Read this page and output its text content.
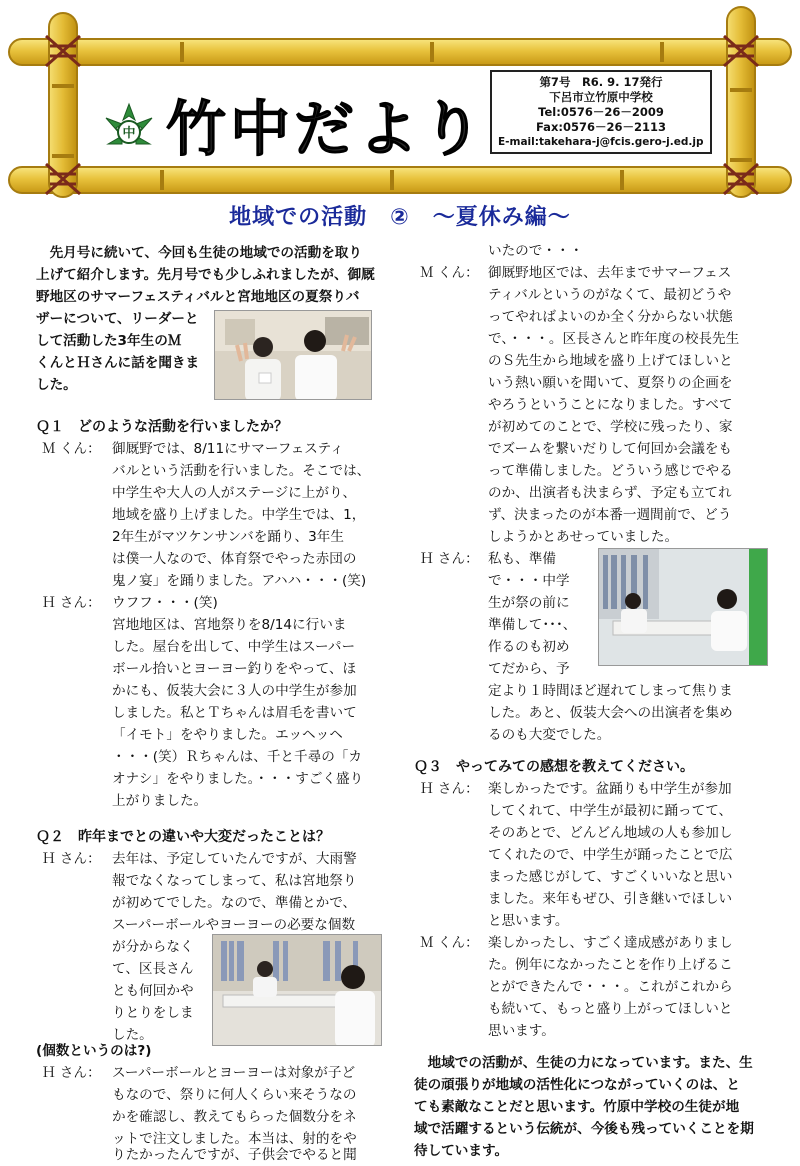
中 竹中だより
第7号　R6. 9. 17発行
下呂市立竹原中学校
Tel:0576－26－2009
Fax:0576－26－2113
E-mail:takehara-j@fcis.gero-j.ed.jp
地域での活動　②　～夏休み編～
　先月号に続いて、今回も生徒の地域での活動を取り
上げて紹介します。先月号でも少しふれましたが、御厩
野地区のサマーフェスティバルと宮地地区の夏祭りバ
ザーについて、リーダーと
して活動した3年生のＭ
くんとＨさんに話を聞きま
した。
Ｑ１　どのような活動を行いましたか？
Ｍ くん： 御厩野では、8/11にサマーフェスティ
バルという活動を行いました。そこでは、
中学生や大人の人がステージに上がり、
地域を盛り上げました。中学生では、1，
2年生がマツケンサンバを踊り、3年生
は僕一人なので、体育祭でやった赤団の
鬼ノ宴」を踊りました。アハハ・・・(笑)
Ｈ さん： ウフフ・・・(笑)
宮地地区は、宮地祭りを8/14に行いま
した。屋台を出して、中学生はスーパー
ボール拾いとヨーヨー釣りをやって、ほ
かにも、仮装大会に３人の中学生が参加
しました。私とＴちゃんは眉毛を書いて
「イモト」をやりました。エッヘッヘ
・・・(笑）Ｒちゃんは、千と千尋の「カ
オナシ」をやりました。・・・すごく盛り
上がりました。
Ｑ２　昨年までとの違いや大変だったことは？
Ｈ さん： 去年は、予定していたんですが、大雨警
報でなくなってしまって、私は宮地祭り
が初めてでした。なので、準備とかで、
スーパーボールやヨーヨーの必要な個数
が分からなく
て、区長さん
とも何回かや
りとりをしま
した。
(個数というのは?)
Ｈ さん： スーパーボールとヨーヨーは対象が子ど
もなので、祭りに何人くらい来そうなの
かを確認し、教えてもらった個数分をネ
ットで注文しました。本当は、射的をや
りたかったんですが、子供会でやると聞
いたので・・・
Ｍ くん： 御厩野地区では、去年までサマーフェス
ティバルというのがなくて、最初どうや
ってやればよいのか全く分からない状態
で、・・・。区長さんと昨年度の校長先生
のＳ先生から地域を盛り上げてほしいと
いう熱い願いを聞いて、夏祭りの企画を
やろうということになりました。すべて
が初めてのことで、学校に残ったり、家
でズームを繋いだりして何回か会議をも
って準備しました。どういう感じでやる
のか、出演者も決まらず、予定も立てれ
ず、決まったのが本番一週間前で、どう
しようかとあせっていました。
Ｈ さん： 私も、準備
で・・・中学
生が祭の前に
準備して･･･、
作るのも初め
てだから、予
定より１時間ほど遅れてしまって焦りま
した。あと、仮装大会への出演者を集め
るのも大変でした。
Ｑ３　やってみての感想を教えてください。
Ｈ さん： 楽しかったです。盆踊りも中学生が参加
してくれて、中学生が最初に踊ってて、
そのあとで、どんどん地域の人も参加し
てくれたので、中学生が踊ったことで広
まった感じがして、すごくいいなと思い
ました。来年もぜひ、引き継いでほしい
と思います。
Ｍ くん： 楽しかったし、すごく達成感がありまし
た。例年になかったことを作り上げるこ
とができたんで・・・。これがこれから
も続いて、もっと盛り上がってほしいと
思います。
　地域での活動が、生徒の力になっています。また、生
徒の頑張りが地域の活性化につながっていくのは、と
ても素敵なことだと思います。竹原中学校の生徒が地
域で活躍するという伝統が、今後も残っていくことを期
待しています。
